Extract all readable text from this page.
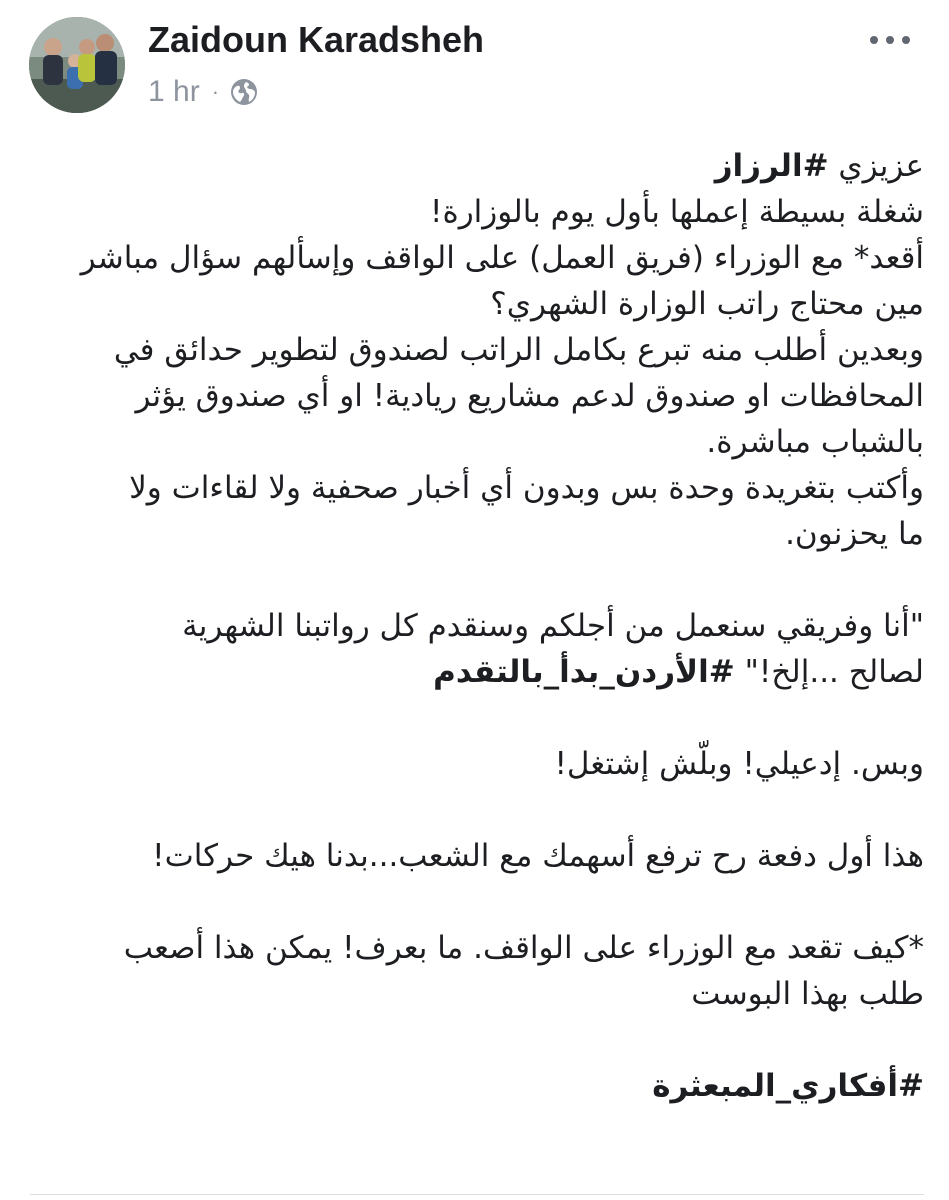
Zaidoun Karadsheh
1 hr ·
عزيزي #الرزاز
شغلة بسيطة إعملها بأول يوم بالوزارة!
أقعد* مع الوزراء (فريق العمل) على الواقف وإسألهم سؤال مباشر
مين محتاج راتب الوزارة الشهري؟
وبعدين أطلب منه تبرع بكامل الراتب لصندوق لتطوير حدائق في
المحافظات او صندوق لدعم مشاريع ريادية! او أي صندوق يؤثر
بالشباب مباشرة.
وأكتب بتغريدة وحدة بس وبدون أي أخبار صحفية ولا لقاءات ولا
ما يحزنون.
"أنا وفريقي سنعمل من أجلكم وسنقدم كل رواتبنا الشهرية
لصالح ...إلخ!" #الأردن_بدأ_بالتقدم
وبس. إدعيلي! وبلّش إشتغل!
هذا أول دفعة رح ترفع أسهمك مع الشعب...بدنا هيك حركات!
*كيف تقعد مع الوزراء على الواقف. ما بعرف! يمكن هذا أصعب
طلب بهذا البوست
#أفكاري_المبعثرة
